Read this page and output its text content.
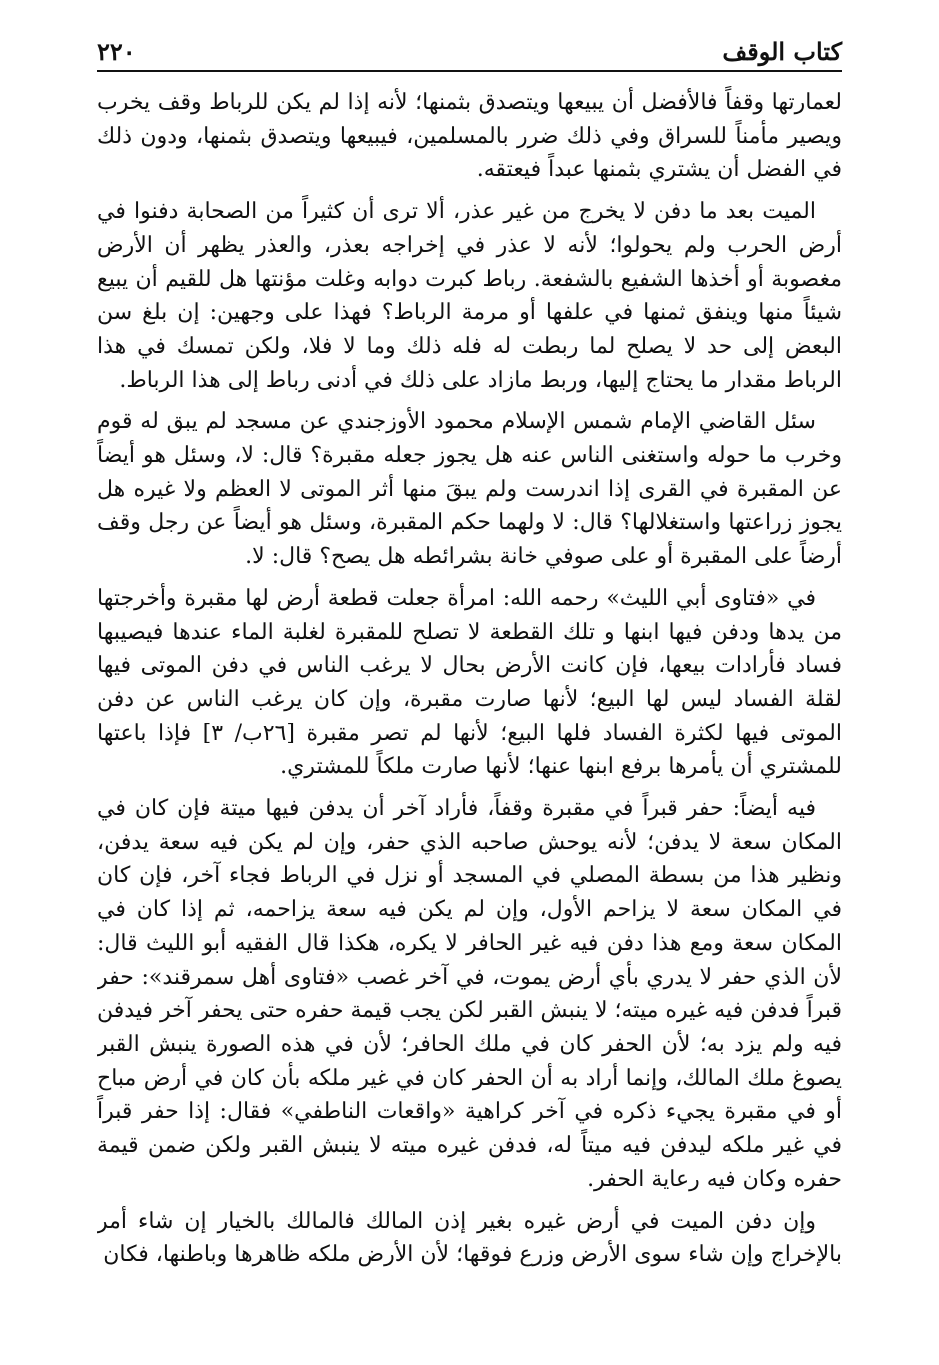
كتاب الوقف
٢٢٠

لعمارتها وقفاً فالأفضل أن يبيعها ويتصدق بثمنها؛ لأنه إذا لم يكن للرباط وقف يخرب ويصير مأمناً للسراق وفي ذلك ضرر بالمسلمين، فيبيعها ويتصدق بثمنها، ودون ذلك في الفضل أن يشتري بثمنها عبداً فيعتقه.

الميت بعد ما دفن لا يخرج من غير عذر، ألا ترى أن كثيراً من الصحابة دفنوا في أرض الحرب ولم يحولوا؛ لأنه لا عذر في إخراجه بعذر، والعذر يظهر أن الأرض مغصوبة أو أخذها الشفيع بالشفعة. رباط كبرت دوابه وغلت مؤنتها هل للقيم أن يبيع شيئاً منها وينفق ثمنها في علفها أو مرمة الرباط؟ فهذا على وجهين: إن بلغ سن البعض إلى حد لا يصلح لما ربطت له فله ذلك وما لا فلا، ولكن تمسك في هذا الرباط مقدار ما يحتاج إليها، وربط مازاد على ذلك في أدنى رباط إلى هذا الرباط.

سئل القاضي الإمام شمس الإسلام محمود الأوزجندي عن مسجد لم يبق له قوم وخرب ما حوله واستغنى الناس عنه هل يجوز جعله مقبرة؟ قال: لا، وسئل هو أيضاً عن المقبرة في القرى إذا اندرست ولم يبقَ منها أثر الموتى لا العظم ولا غيره هل يجوز زراعتها واستغلالها؟ قال: لا ولهما حكم المقبرة، وسئل هو أيضاً عن رجل وقف أرضاً على المقبرة أو على صوفي خانة بشرائطه هل يصح؟ قال: لا.

في «فتاوى أبي الليث» رحمه الله: امرأة جعلت قطعة أرض لها مقبرة وأخرجتها من يدها ودفن فيها ابنها و تلك القطعة لا تصلح للمقبرة لغلبة الماء عندها فيصيبها فساد فأرادات بيعها، فإن كانت الأرض بحال لا يرغب الناس في دفن الموتى فيها لقلة الفساد ليس لها البيع؛ لأنها صارت مقبرة، وإن كان يرغب الناس عن دفن الموتى فيها لكثرة الفساد فلها البيع؛ لأنها لم تصر مقبرة [٢٦ب/ ٣] فإذا باعتها للمشتري أن يأمرها برفع ابنها عنها؛ لأنها صارت ملكاً للمشتري.

فيه أيضاً: حفر قبراً في مقبرة وقفاً، فأراد آخر أن يدفن فيها ميتة فإن كان في المكان سعة لا يدفن؛ لأنه يوحش صاحبه الذي حفر، وإن لم يكن فيه سعة يدفن، ونظير هذا من بسطة المصلي في المسجد أو نزل في الرباط فجاء آخر، فإن كان في المكان سعة لا يزاحم الأول، وإن لم يكن فيه سعة يزاحمه، ثم إذا كان في المكان سعة ومع هذا دفن فيه غير الحافر لا يكره، هكذا قال الفقيه أبو الليث قال: لأن الذي حفر لا يدري بأي أرض يموت، في آخر غصب «فتاوى أهل سمرقند»: حفر قبراً فدفن فيه غيره ميته؛ لا ينبش القبر لكن يجب قيمة حفره حتى يحفر آخر فيدفن فيه ولم يزد به؛ لأن الحفر كان في ملك الحافر؛ لأن في هذه الصورة ينبش القبر يصوغ ملك المالك، وإنما أراد به أن الحفر كان في غير ملكه بأن كان في أرض مباح أو في مقبرة يجيء ذكره في آخر كراهية «واقعات الناطفي» فقال: إذا حفر قبراً في غير ملكه ليدفن فيه ميتاً له، فدفن غيره ميته لا ينبش القبر ولكن ضمن قيمة حفره وكان فيه رعاية الحفر.

وإن دفن الميت في أرض غيره بغير إذن المالك فالمالك بالخيار إن شاء أمر بالإخراج وإن شاء سوى الأرض وزرع فوقها؛ لأن الأرض ملكه ظاهرها وباطنها، فكان
